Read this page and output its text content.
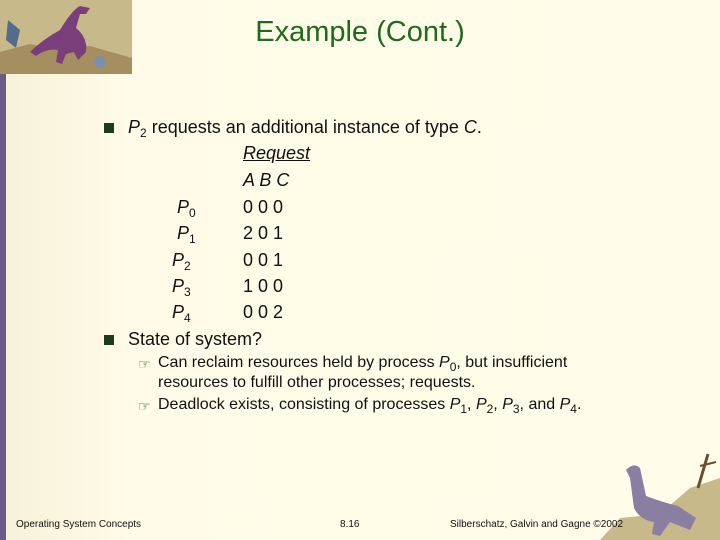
Example (Cont.)
$P_2$ requests an additional instance of type C.
Request
A B C
$P_0$	0 0 0
$P_1$	2 0 1
$P_2$	0 0 1
$P_3$	1 0 0
$P_4$	0 0 2
State of system?
☞ Can reclaim resources held by process $P_0$, but insufficient
resources to fulfill other processes; requests.
☞ Deadlock exists, consisting of processes $P_1$, $P_2$, $P_3$, and $P_4$.
Operating System Concepts	8.16	Silberschatz, Galvin and Gagne ©2002
